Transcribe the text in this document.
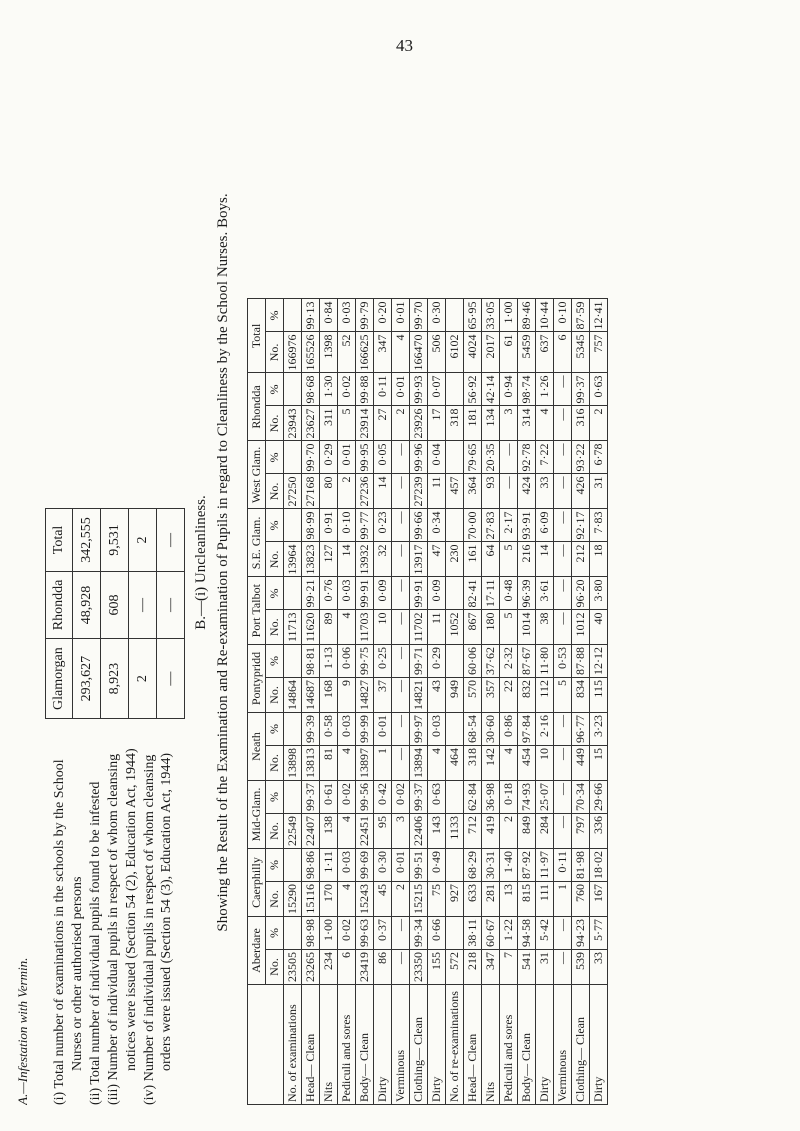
43
A.—Infestation with Vermin.	(i) Total number of examinations in the schools by the School Nurses or other authorised persons (ii) Total number of individual pupils found to be infested (iii) Number of individual pupils in respect of whom cleansing notices were issued (Section 54 (2), Education Act, 1944) (iv) Number of individual pupils in respect of whom cleansing orders were issued (Section 54 (3), Education Act, 1944)
Glamorgan	Rhondda	Total
293,627	48,928	342,555
8,923	608	9,531
2	—	2
—	—	— B.—(i) Uncleanliness. Showing the Result of the Examination and Re-examination of Pupils in regard to Cleanliness by the School Nurses. Boys.
	Aberdare		Caerphilly		Mid-Glam.		Neath		Pontypridd		Port Talbot		S.E. Glam.		West Glam.		Rhondda		Total	
	No.	%	No.	%	No.	%	No.	%	No.	%	No.	%	No.	%	No.	%	No.	%	No.	%
No. of examinations	23505		15290		22549		13898		14864		11713		13964		27250		23943		166976	
Head— Clean	23265	98·98	15116	98·86	22407	99·37	13813	99·39	14687	98·81	11620	99·21	13823	98·99	27168	99·70	23627	98·68	165526	99·13
Nits	234	1·00	170	1·11	138	0·61	81	0·58	168	1·13	89	0·76	127	0·91	80	0·29	311	1·30	1398	0·84
Pediculi and sores	6	0·02	4	0·03	4	0·02	4	0·03	9	0·06	4	0·03	14	0·10	2	0·01	5	0·02	52	0·03
Body— Clean	23419	99·63	15243	99·69	22451	99·56	13897	99·99	14827	99·75	11703	99·91	13932	99·77	27236	99·95	23914	99·88	166625	99·79
Dirty	86	0·37	45	0·30	95	0·42	1	0·01	37	0·25	10	0·09	32	0·23	14	0·05	27	0·11	347	0·20
Verminous	—	—	2	0·01	3	0·02	—	—	—	—	—	—	—	—	—	—	2	0·01	4	0·01
Clothing— Clean	23350	99·34	15215	99·51	22406	99·37	13894	99·97	14821	99·71	11702	99·91	13917	99·66	27239	99·96	23926	99·93	166470	99·70
Dirty	155	0·66	75	0·49	143	0·63	4	0·03	43	0·29	11	0·09	47	0·34	11	0·04	17	0·07	506	0·30
No. of re-examinations	572		927		1133		464		949		1052		230		457		318		6102	
Head— Clean	218	38·11	633	68·29	712	62·84	318	68·54	570	60·06	867	82·41	161	70·00	364	79·65	181	56·92	4024	65·95
Nits	347	60·67	281	30·31	419	36·98	142	30·60	357	37·62	180	17·11	64	27·83	93	20·35	134	42·14	2017	33·05
Pediculi and sores	7	1·22	13	1·40	2	0·18	4	0·86	22	2·32	5	0·48	5	2·17	—	—	3	0·94	61	1·00
Body— Clean	541	94·58	815	87·92	849	74·93	454	97·84	832	87·67	1014	96·39	216	93·91	424	92·78	314	98·74	5459	89·46
Dirty	31	5·42	111	11·97	284	25·07	10	2·16	112	11·80	38	3·61	14	6·09	33	7·22	4	1·26	637	10·44
Verminous	—	—	1	0·11	—	—	—	—	5	0·53	—	—	—	—	—	—	—	—	6	0·10
Clothing— Clean	539	94·23	760	81·98	797	70·34	449	96·77	834	87·88	1012	96·20	212	92·17	426	93·22	316	99·37	5345	87·59
Dirty	33	5·77	167	18·02	336	29·66	15	3·23	115	12·12	40	3·80	18	7·83	31	6·78	2	0·63	757	12·41
